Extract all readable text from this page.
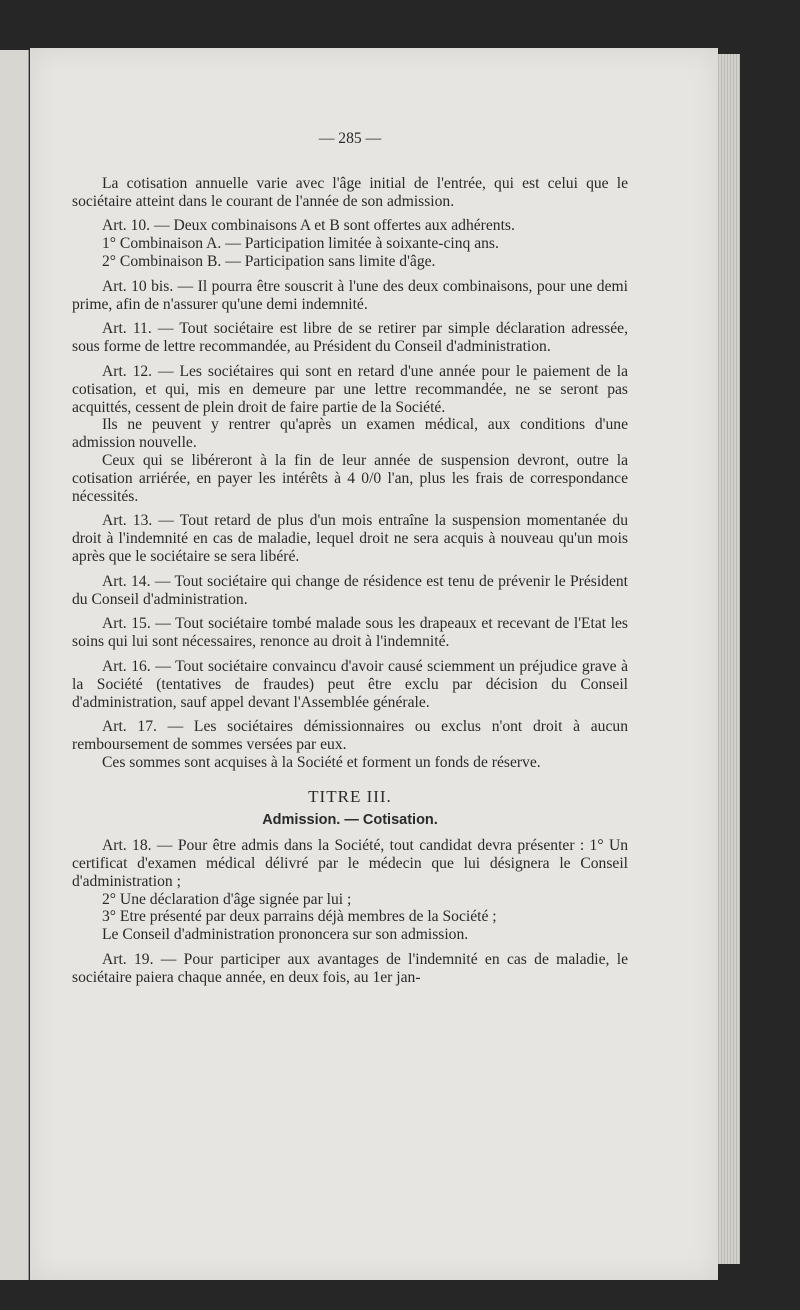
— 285 —

La cotisation annuelle varie avec l'âge initial de l'entrée, qui est celui que le sociétaire atteint dans le courant de l'année de son admission.

Art. 10. — Deux combinaisons A et B sont offertes aux adhérents.

1° Combinaison A. — Participation limitée à soixante-cinq ans.

2° Combinaison B. — Participation sans limite d'âge.

Art. 10 bis. — Il pourra être souscrit à l'une des deux combinaisons, pour une demi prime, afin de n'assurer qu'une demi indemnité.

Art. 11. — Tout sociétaire est libre de se retirer par simple déclaration adressée, sous forme de lettre recommandée, au Président du Conseil d'administration.

Art. 12. — Les sociétaires qui sont en retard d'une année pour le paiement de la cotisation, et qui, mis en demeure par une lettre recommandée, ne se seront pas acquittés, cessent de plein droit de faire partie de la Société.

Ils ne peuvent y rentrer qu'après un examen médical, aux conditions d'une admission nouvelle.

Ceux qui se libéreront à la fin de leur année de suspension devront, outre la cotisation arriérée, en payer les intérêts à 4 0/0 l'an, plus les frais de correspondance nécessités.

Art. 13. — Tout retard de plus d'un mois entraîne la suspension momentanée du droit à l'indemnité en cas de maladie, lequel droit ne sera acquis à nouveau qu'un mois après que le sociétaire se sera libéré.

Art. 14. — Tout sociétaire qui change de résidence est tenu de prévenir le Président du Conseil d'administration.

Art. 15. — Tout sociétaire tombé malade sous les drapeaux et recevant de l'Etat les soins qui lui sont nécessaires, renonce au droit à l'indemnité.

Art. 16. — Tout sociétaire convaincu d'avoir causé sciemment un préjudice grave à la Société (tentatives de fraudes) peut être exclu par décision du Conseil d'administration, sauf appel devant l'Assemblée générale.

Art. 17. — Les sociétaires démissionnaires ou exclus n'ont droit à aucun remboursement de sommes versées par eux.

Ces sommes sont acquises à la Société et forment un fonds de réserve.

TITRE III.
Admission. — Cotisation.

Art. 18. — Pour être admis dans la Société, tout candidat devra présenter : 1° Un certificat d'examen médical délivré par le médecin que lui désignera le Conseil d'administration ;

2° Une déclaration d'âge signée par lui ;

3° Etre présenté par deux parrains déjà membres de la Société ;

Le Conseil d'administration prononcera sur son admission.

Art. 19. — Pour participer aux avantages de l'indemnité en cas de maladie, le sociétaire paiera chaque année, en deux fois, au 1er jan-
